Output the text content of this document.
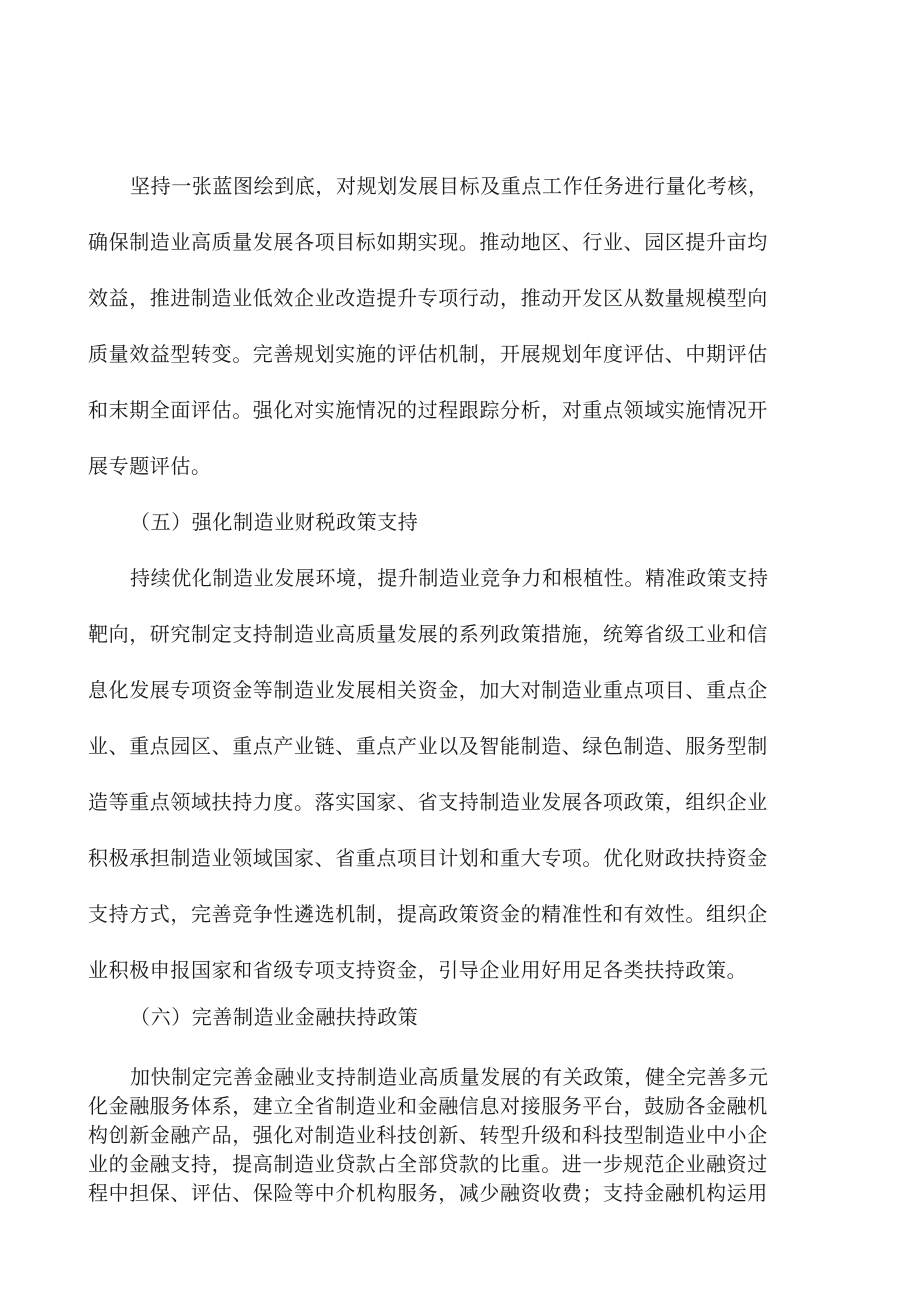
坚持一张蓝图绘到底，对规划发展目标及重点工作任务进行量化考核，
确保制造业高质量发展各项目标如期实现。推动地区、行业、园区提升亩均
效益，推进制造业低效企业改造提升专项行动，推动开发区从数量规模型向
质量效益型转变。完善规划实施的评估机制，开展规划年度评估、中期评估
和末期全面评估。强化对实施情况的过程跟踪分析，对重点领域实施情况开
展专题评估。
（五）强化制造业财税政策支持
持续优化制造业发展环境，提升制造业竞争力和根植性。精准政策支持
靶向，研究制定支持制造业高质量发展的系列政策措施，统筹省级工业和信
息化发展专项资金等制造业发展相关资金，加大对制造业重点项目、重点企
业、重点园区、重点产业链、重点产业以及智能制造、绿色制造、服务型制
造等重点领域扶持力度。落实国家、省支持制造业发展各项政策，组织企业
积极承担制造业领域国家、省重点项目计划和重大专项。优化财政扶持资金
支持方式，完善竞争性遴选机制，提高政策资金的精准性和有效性。组织企
业积极申报国家和省级专项支持资金，引导企业用好用足各类扶持政策。
（六）完善制造业金融扶持政策
加快制定完善金融业支持制造业高质量发展的有关政策，健全完善多元
化金融服务体系，建立全省制造业和金融信息对接服务平台，鼓励各金融机
构创新金融产品，强化对制造业科技创新、转型升级和科技型制造业中小企
业的金融支持，提高制造业贷款占全部贷款的比重。进一步规范企业融资过
程中担保、评估、保险等中介机构服务，减少融资收费；支持金融机构运用
